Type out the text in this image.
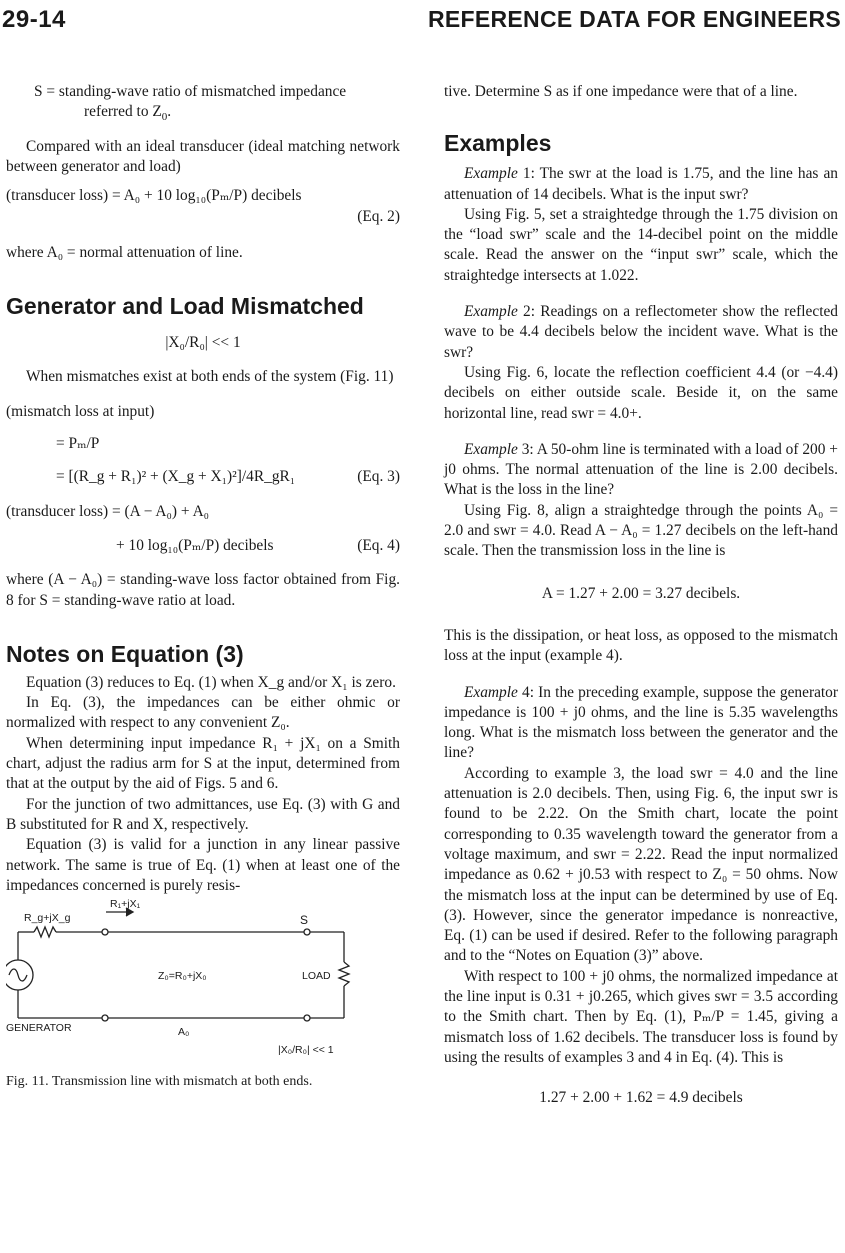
29-14	REFERENCE DATA FOR ENGINEERS

S = standing-wave ratio of mismatched impedance

referred to $Z_0$.

Compared with an ideal transducer (ideal matching network between generator and load)

(transducer loss) = A₀ + 10 log₁₀(Pₘ/P) decibels

(Eq. 2)

where A₀ = normal attenuation of line.

Generator and Load Mismatched

|X₀/R₀| << 1

When mismatches exist at both ends of the system (Fig. 11)

(mismatch loss at input)

= Pₘ/P

= [(R_g + R₁)² + (X_g + X₁)²]/4R_gR₁	(Eq. 3)

(transducer loss) = (A − A₀) + A₀

+ 10 log₁₀(Pₘ/P) decibels	(Eq. 4)

where (A − A₀) = standing-wave loss factor obtained from Fig. 8 for S = standing-wave ratio at load.

Notes on Equation (3)

Equation (3) reduces to Eq. (1) when X_g and/or X₁ is zero.

In Eq. (3), the impedances can be either ohmic or normalized with respect to any convenient Z₀.

When determining input impedance R₁ + jX₁ on a Smith chart, adjust the radius arm for S at the input, determined from that at the output by the aid of Figs. 5 and 6.

For the junction of two admittances, use Eq. (3) with G and B substituted for R and X, respectively.

Equation (3) is valid for a junction in any linear passive network. The same is true of Eq. (1) when at least one of the impedances concerned is purely resis-

R₁+jX₁
R_g+jX_g	S
Z₀=R₀+jX₀	LOAD
GENERATOR	A₀
|X₀/R₀| << 1

Fig. 11. Transmission line with mismatch at both ends.

tive. Determine S as if one impedance were that of a line.

Examples

Example 1: The swr at the load is 1.75, and the line has an attenuation of 14 decibels. What is the input swr?

Using Fig. 5, set a straightedge through the 1.75 division on the “load swr” scale and the 14-decibel point on the middle scale. Read the answer on the “input swr” scale, which the straightedge intersects at 1.022.

Example 2: Readings on a reflectometer show the reflected wave to be 4.4 decibels below the incident wave. What is the swr?

Using Fig. 6, locate the reflection coefficient 4.4 (or −4.4) decibels on either outside scale. Beside it, on the same horizontal line, read swr = 4.0+.

Example 3: A 50-ohm line is terminated with a load of 200 + j0 ohms. The normal attenuation of the line is 2.00 decibels. What is the loss in the line?

Using Fig. 8, align a straightedge through the points A₀ = 2.0 and swr = 4.0. Read A − A₀ = 1.27 decibels on the left-hand scale. Then the transmission loss in the line is

A = 1.27 + 2.00 = 3.27 decibels.

This is the dissipation, or heat loss, as opposed to the mismatch loss at the input (example 4).

Example 4: In the preceding example, suppose the generator impedance is 100 + j0 ohms, and the line is 5.35 wavelengths long. What is the mismatch loss between the generator and the line?

According to example 3, the load swr = 4.0 and the line attenuation is 2.0 decibels. Then, using Fig. 6, the input swr is found to be 2.22. On the Smith chart, locate the point corresponding to 0.35 wavelength toward the generator from a voltage maximum, and swr = 2.22. Read the input normalized impedance as 0.62 + j0.53 with respect to Z₀ = 50 ohms. Now the mismatch loss at the input can be determined by use of Eq. (3). However, since the generator impedance is nonreactive, Eq. (1) can be used if desired. Refer to the following paragraph and to the “Notes on Equation (3)” above.

With respect to 100 + j0 ohms, the normalized impedance at the line input is 0.31 + j0.265, which gives swr = 3.5 according to the Smith chart. Then by Eq. (1), Pₘ/P = 1.45, giving a mismatch loss of 1.62 decibels. The transducer loss is found by using the results of examples 3 and 4 in Eq. (4). This is

1.27 + 2.00 + 1.62 = 4.9 decibels
